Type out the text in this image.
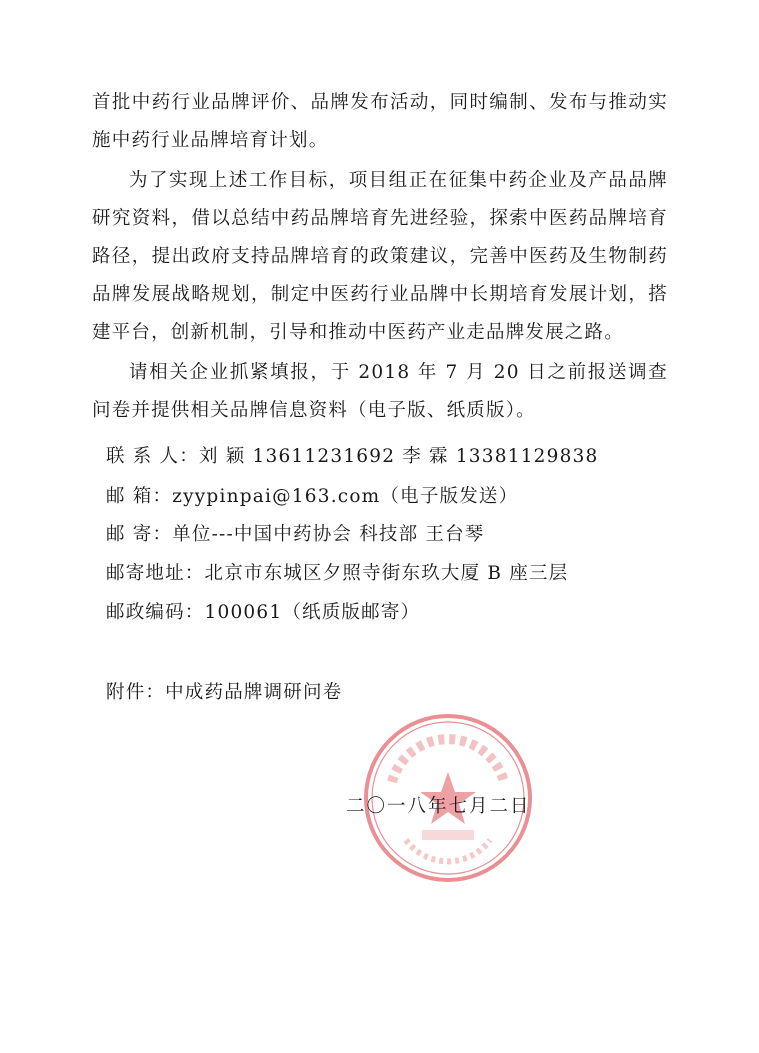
首批中药行业品牌评价、品牌发布活动，同时编制、发布与推动实施中药行业品牌培育计划。

为了实现上述工作目标，项目组正在征集中药企业及产品品牌研究资料，借以总结中药品牌培育先进经验，探索中医药品牌培育路径，提出政府支持品牌培育的政策建议，完善中医药及生物制药品牌发展战略规划，制定中医药行业品牌中长期培育发展计划，搭建平台，创新机制，引导和推动中医药产业走品牌发展之路。

请相关企业抓紧填报，于 2018 年 7 月 20 日之前报送调查问卷并提供相关品牌信息资料（电子版、纸质版）。

联 系 人：刘 颖 13611231692 李 霖 13381129838
邮 箱：zyypinpai@163.com（电子版发送）
邮 寄：单位---中国中药协会 科技部 王台琴
邮寄地址：北京市东城区夕照寺街东玖大厦 B 座三层
邮政编码：100061（纸质版邮寄）
附件：中成药品牌调研问卷
二〇一八年七月二日
